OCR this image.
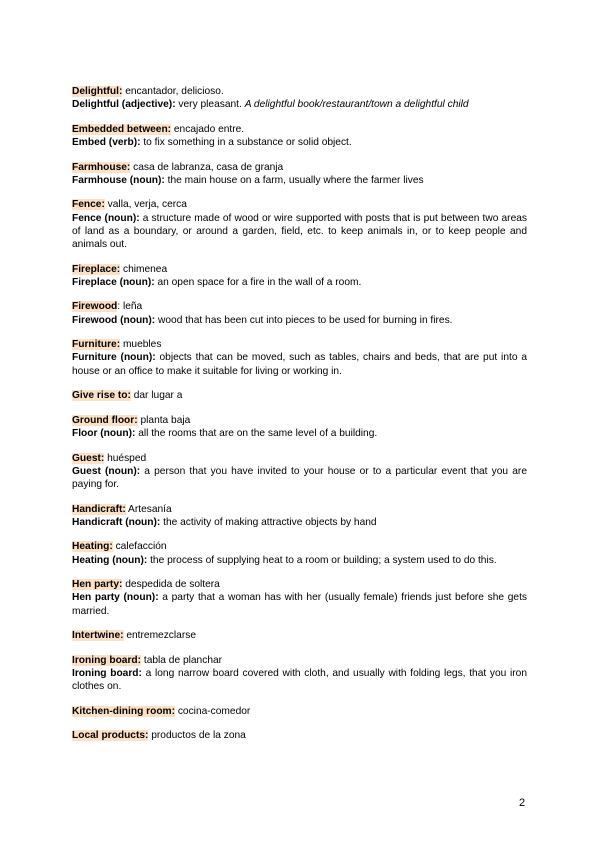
Delightful: encantador, delicioso.
Delightful (adjective): very pleasant. A delightful book/restaurant/town a delightful child
Embedded between: encajado entre.
Embed (verb): to fix something in a substance or solid object.
Farmhouse: casa de labranza, casa de granja
Farmhouse (noun): the main house on a farm, usually where the farmer lives
Fence: valla, verja, cerca
Fence (noun): a structure made of wood or wire supported with posts that is put between two areas of land as a boundary, or around a garden, field, etc. to keep animals in, or to keep people and animals out.
Fireplace: chimenea
Fireplace (noun): an open space for a fire in the wall of a room.
Firewood: leña
Firewood (noun): wood that has been cut into pieces to be used for burning in fires.
Furniture: muebles
Furniture (noun): objects that can be moved, such as tables, chairs and beds, that are put into a house or an office to make it suitable for living or working in.
Give rise to: dar lugar a
Ground floor: planta baja
Floor (noun): all the rooms that are on the same level of a building.
Guest: huésped
Guest (noun): a person that you have invited to your house or to a particular event that you are paying for.
Handicraft: Artesanía
Handicraft (noun): the activity of making attractive objects by hand
Heating: calefacción
Heating (noun): the process of supplying heat to a room or building; a system used to do this.
Hen party: despedida de soltera
Hen party (noun): a party that a woman has with her (usually female) friends just before she gets married.
Intertwine: entremezclarse
Ironing board: tabla de planchar
Ironing board: a long narrow board covered with cloth, and usually with folding legs, that you iron clothes on.
Kitchen-dining room: cocina-comedor
Local products: productos de la zona
2
